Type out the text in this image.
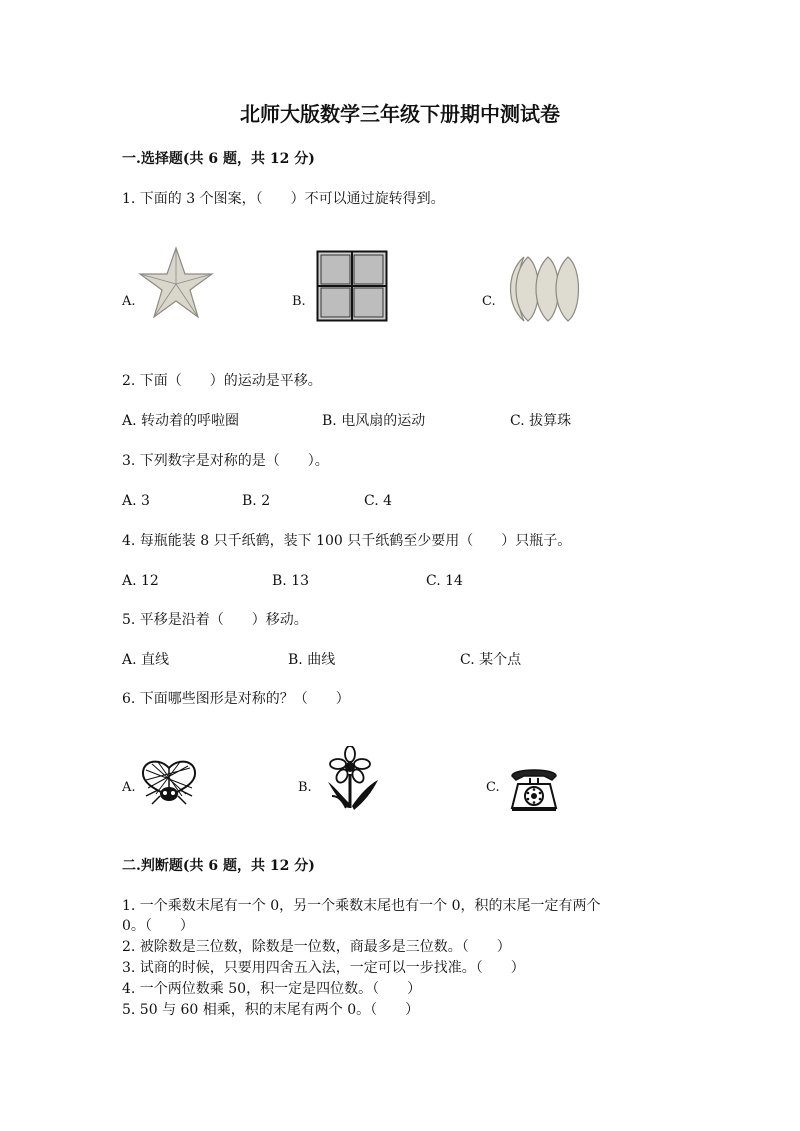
北师大版数学三年级下册期中测试卷
一.选择题(共 6 题，共 12 分)
1. 下面的 3 个图案，（　　）不可以通过旋转得到。
A.	B.	C.
2. 下面（　　）的运动是平移。
A. 转动着的呼啦圈	B. 电风扇的运动	C. 拔算珠
3. 下列数字是对称的是（　　）。
A. 3	B. 2	C. 4
4. 每瓶能装 8 只千纸鹤，装下 100 只千纸鹤至少要用（　　）只瓶子。
A. 12	B. 13	C. 14
5. 平移是沿着（　　）移动。
A. 直线	B. 曲线	C. 某个点
6. 下面哪些图形是对称的？（　　）
A.	B.	C.
二.判断题(共 6 题，共 12 分)
1. 一个乘数末尾有一个 0，另一个乘数末尾也有一个 0，积的末尾一定有两个
0。（　　）
2. 被除数是三位数，除数是一位数，商最多是三位数。（　　）
3. 试商的时候，只要用四舍五入法，一定可以一步找准。（　　）
4. 一个两位数乘 50，积一定是四位数。（　　）
5. 50 与 60 相乘，积的末尾有两个 0。（　　）
